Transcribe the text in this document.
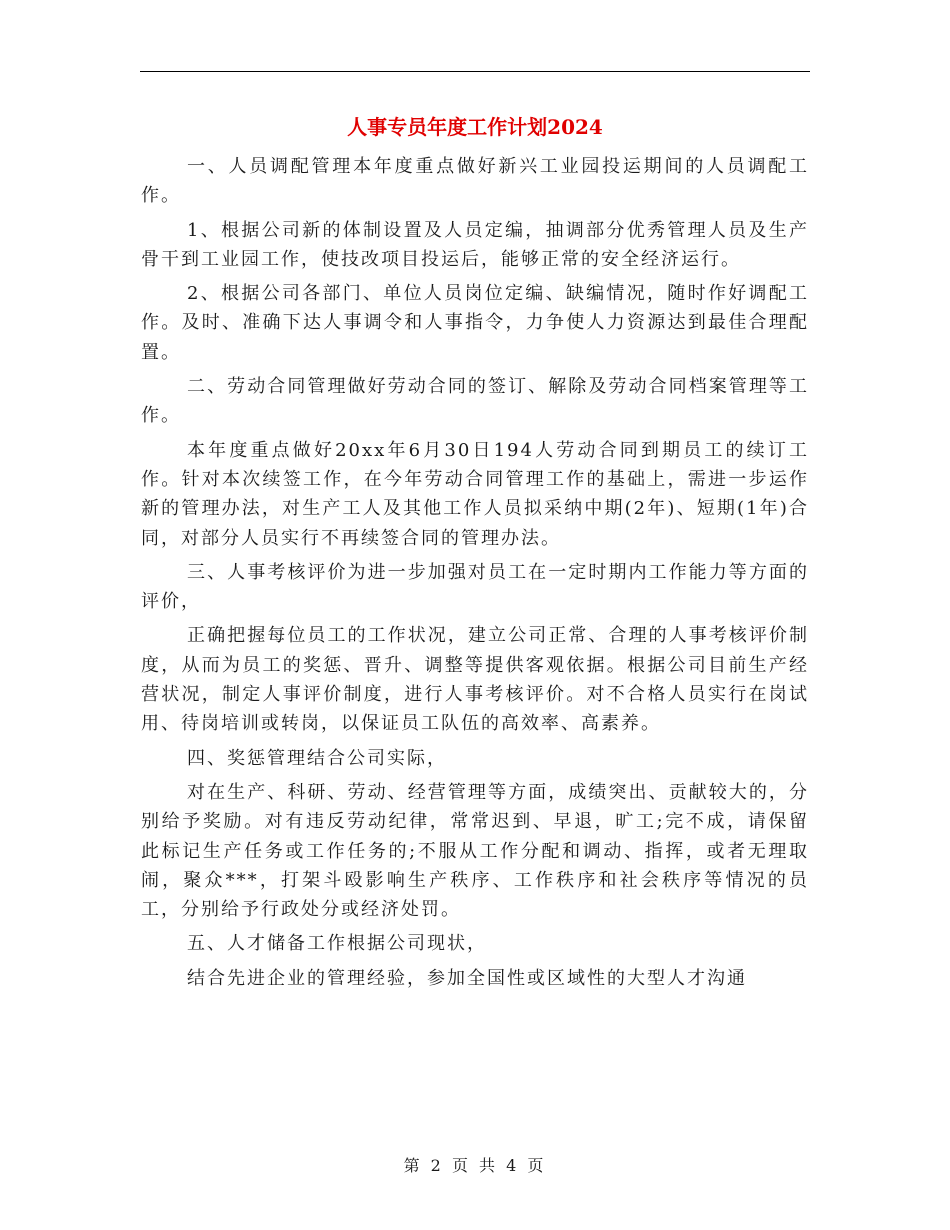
人事专员年度工作计划2024

一、人员调配管理本年度重点做好新兴工业园投运期间的人员调配工作。

1、根据公司新的体制设置及人员定编，抽调部分优秀管理人员及生产骨干到工业园工作，使技改项目投运后，能够正常的安全经济运行。

2、根据公司各部门、单位人员岗位定编、缺编情况，随时作好调配工作。及时、准确下达人事调令和人事指令，力争使人力资源达到最佳合理配置。

二、劳动合同管理做好劳动合同的签订、解除及劳动合同档案管理等工作。

本年度重点做好20xx年6月30日194人劳动合同到期员工的续订工作。针对本次续签工作，在今年劳动合同管理工作的基础上，需进一步运作新的管理办法，对生产工人及其他工作人员拟采纳中期(2年)、短期(1年)合同，对部分人员实行不再续签合同的管理办法。

三、人事考核评价为进一步加强对员工在一定时期内工作能力等方面的评价，

正确把握每位员工的工作状况，建立公司正常、合理的人事考核评价制度，从而为员工的奖惩、晋升、调整等提供客观依据。根据公司目前生产经营状况，制定人事评价制度，进行人事考核评价。对不合格人员实行在岗试用、待岗培训或转岗，以保证员工队伍的高效率、高素养。

四、奖惩管理结合公司实际，

对在生产、科研、劳动、经营管理等方面，成绩突出、贡献较大的，分别给予奖励。对有违反劳动纪律，常常迟到、早退，旷工;完不成，请保留此标记生产任务或工作任务的;不服从工作分配和调动、指挥，或者无理取闹，聚众***，打架斗殴影响生产秩序、工作秩序和社会秩序等情况的员工，分别给予行政处分或经济处罚。

五、人才储备工作根据公司现状，

结合先进企业的管理经验，参加全国性或区域性的大型人才沟通

第 2 页 共 4 页
